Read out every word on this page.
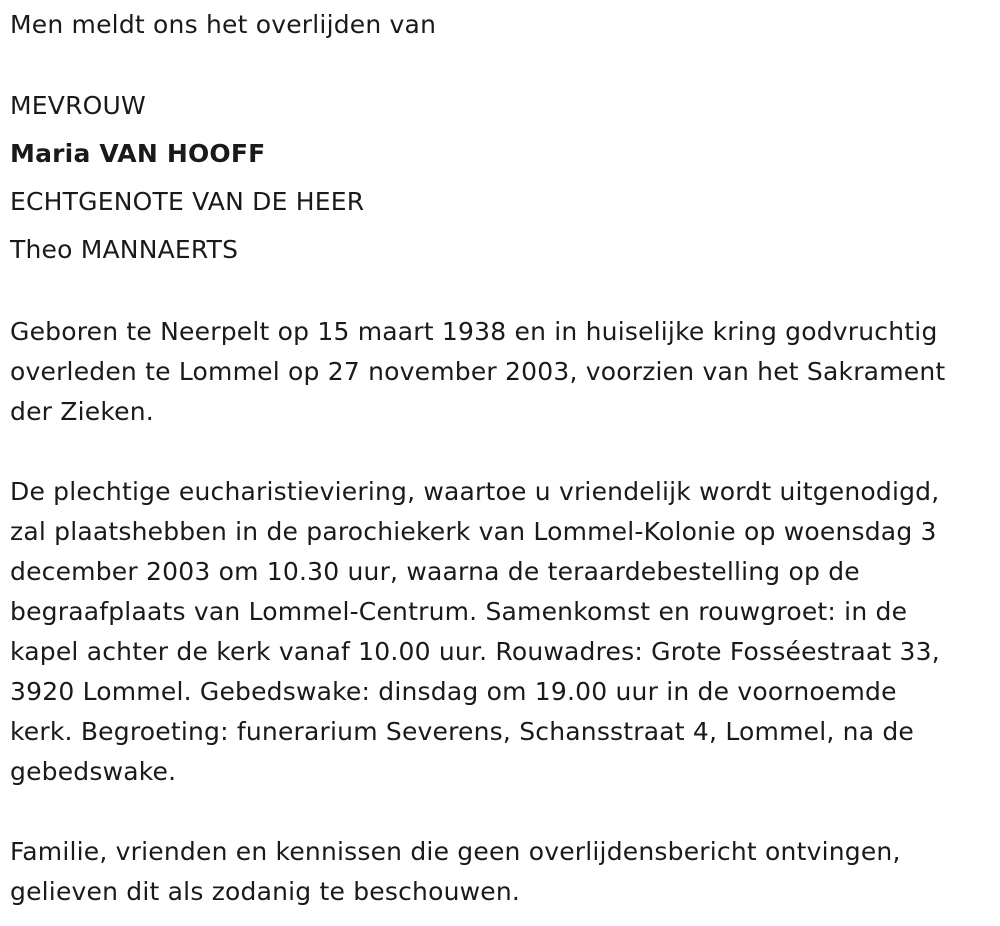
Men meldt ons het overlijden van

MEVROUW

Maria VAN HOOFF

ECHTGENOTE VAN DE HEER

Theo MANNAERTS

Geboren te Neerpelt op 15 maart 1938 en in huiselijke kring godvruchtig
overleden te Lommel op 27 november 2003, voorzien van het Sakrament
der Zieken.
De plechtige eucharistieviering, waartoe u vriendelijk wordt uitgenodigd,
zal plaatshebben in de parochiekerk van Lommel-Kolonie op woensdag 3
december 2003 om 10.30 uur, waarna de teraardebestelling op de
begraafplaats van Lommel-Centrum. Samenkomst en rouwgroet: in de
kapel achter de kerk vanaf 10.00 uur. Rouwadres: Grote Fosséestraat 33,
3920 Lommel. Gebedswake: dinsdag om 19.00 uur in de voornoemde
kerk. Begroeting: funerarium Severens, Schansstraat 4, Lommel, na de
gebedswake.
Familie, vrienden en kennissen die geen overlijdensbericht ontvingen,
gelieven dit als zodanig te beschouwen.
